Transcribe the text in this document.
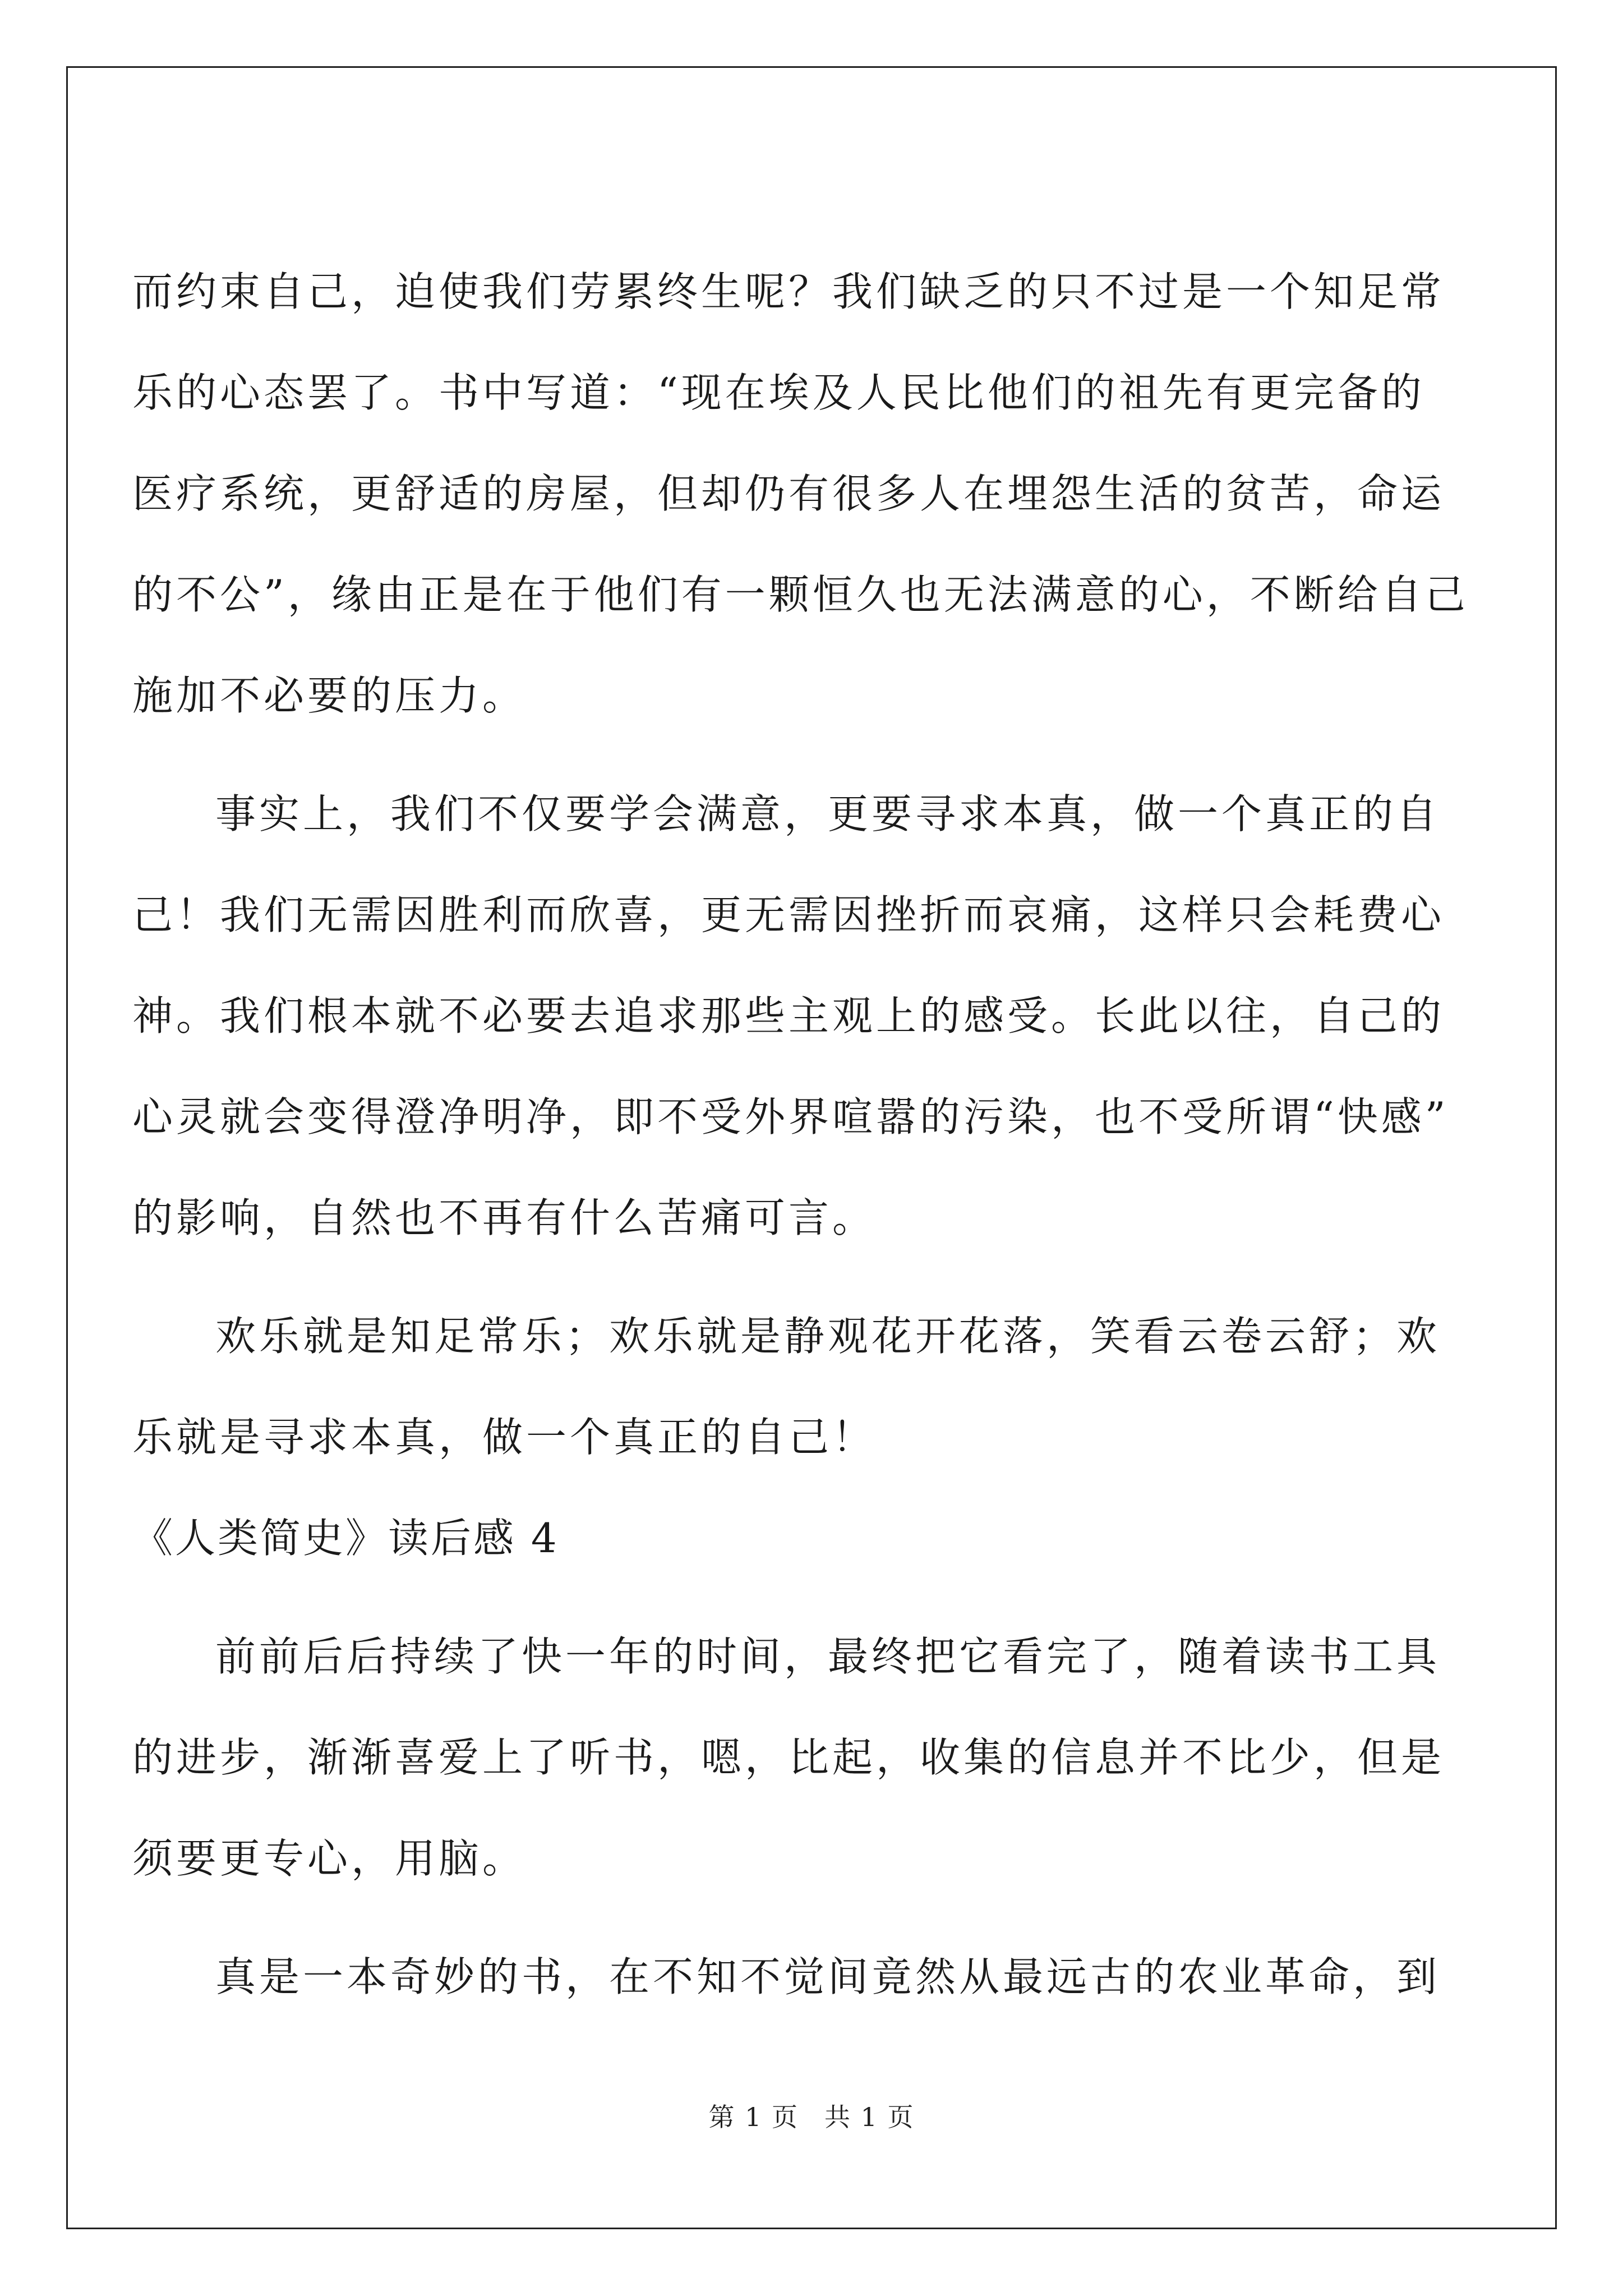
而约束自己，迫使我们劳累终生呢？我们缺乏的只不过是一个知足常
乐的心态罢了。书中写道：“现在埃及人民比他们的祖先有更完备的
医疗系统，更舒适的房屋，但却仍有很多人在埋怨生活的贫苦，命运
的不公”，缘由正是在于他们有一颗恒久也无法满意的心，不断给自己
施加不必要的压力。
事实上，我们不仅要学会满意，更要寻求本真，做一个真正的自
己！我们无需因胜利而欣喜，更无需因挫折而哀痛，这样只会耗费心
神。我们根本就不必要去追求那些主观上的感受。长此以往，自己的
心灵就会变得澄净明净，即不受外界喧嚣的污染，也不受所谓“快感”
的影响，自然也不再有什么苦痛可言。
欢乐就是知足常乐；欢乐就是静观花开花落，笑看云卷云舒；欢
乐就是寻求本真，做一个真正的自己！
《人类简史》读后感 4
前前后后持续了快一年的时间，最终把它看完了，随着读书工具
的进步，渐渐喜爱上了听书，嗯，比起，收集的信息并不比少，但是
须要更专心，用脑。
真是一本奇妙的书，在不知不觉间竟然从最远古的农业革命，到
第 1 页 共 1 页
